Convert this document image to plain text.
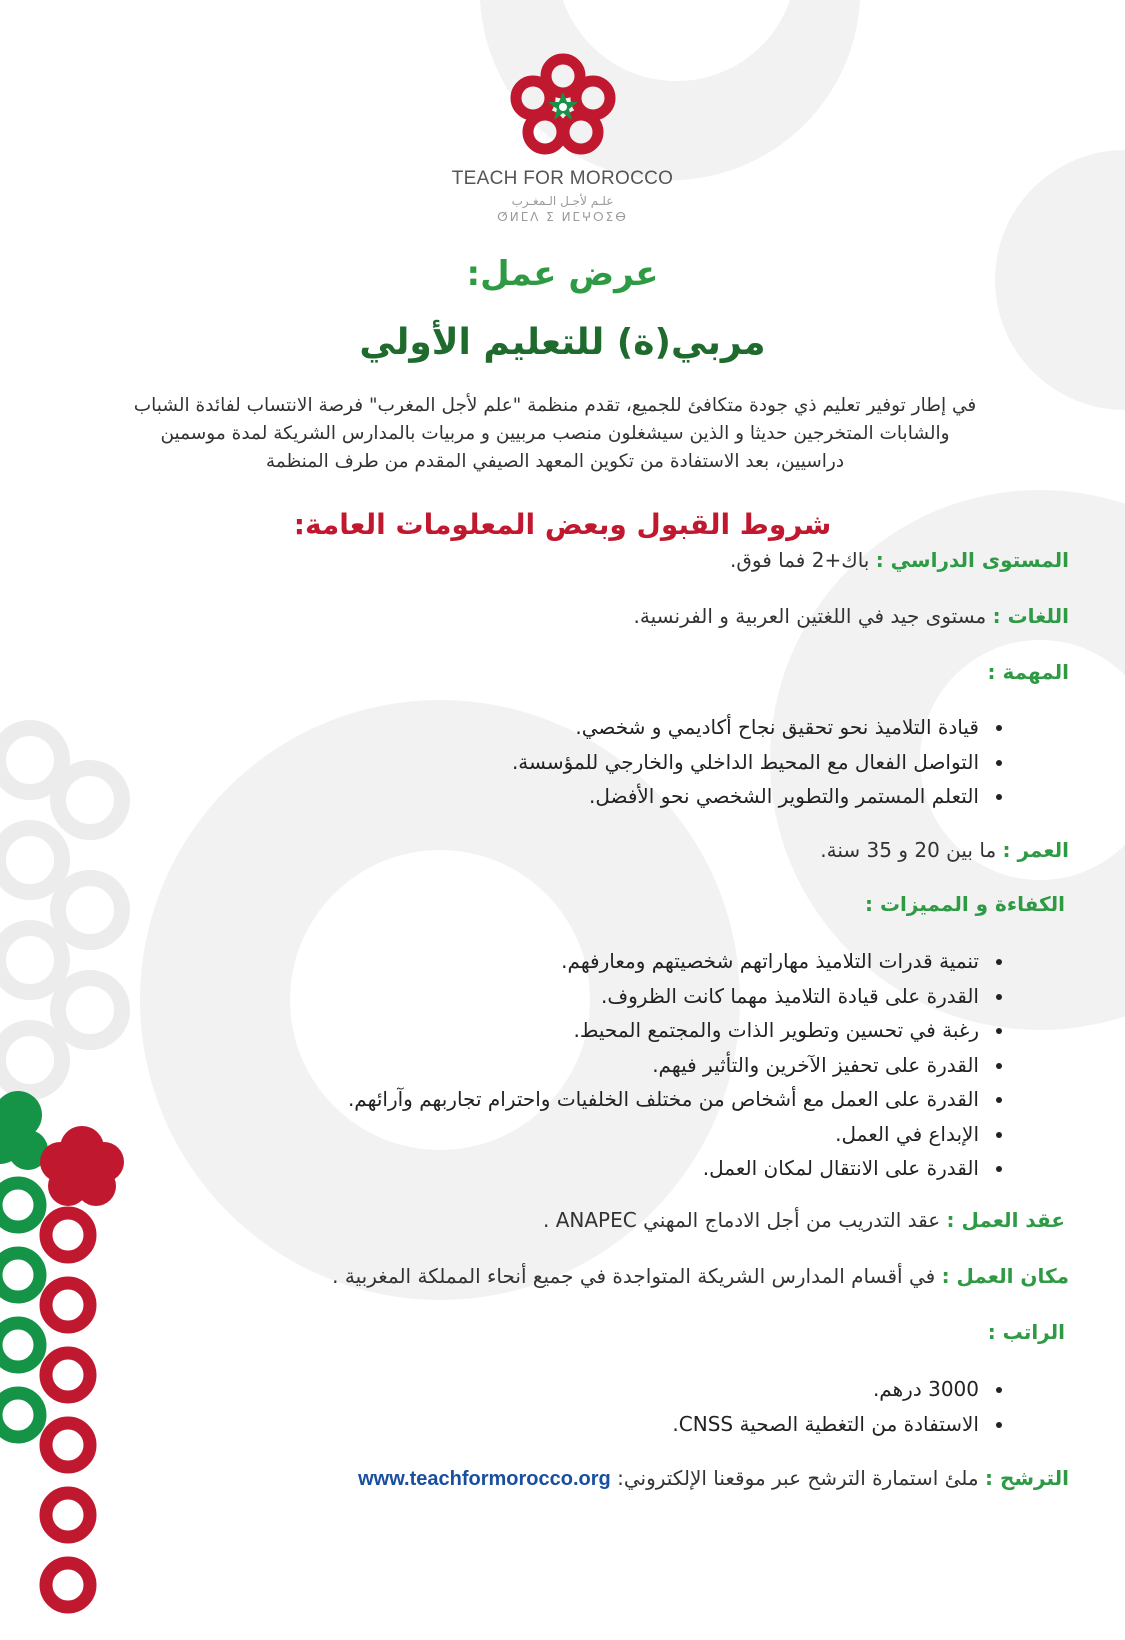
TEACH FOR MOROCCO
علـم لأجـل الـمغـرب
ⵚⵍⵎⴷ ⵉ ⵍⵎⵖⵔⵉⴱ
عرض عمل:
مربي(ة) للتعليم الأولي
في إطار توفير تعليم ذي جودة متكافئ للجميع، تقدم منظمة "علم لأجل المغرب" فرصة الانتساب لفائدة الشباب
والشابات المتخرجين حديثا و الذين سيشغلون منصب مربيين و مربيات بالمدارس الشريكة لمدة موسمين
دراسيين، بعد الاستفادة من تكوين المعهد الصيفي المقدم من طرف المنظمة
شروط القبول وبعض المعلومات العامة:
المستوى الدراسي : باك+2 فما فوق.
اللغات : مستوى جيد في اللغتين العربية و الفرنسية.
المهمة :
• قيادة التلاميذ نحو تحقيق نجاح أكاديمي و شخصي.
• التواصل الفعال مع المحيط الداخلي والخارجي للمؤسسة.
• التعلم المستمر والتطوير الشخصي نحو الأفضل.
العمر : ما بين 20 و 35 سنة.
الكفاءة و المميزات :
• تنمية قدرات التلاميذ مهاراتهم شخصيتهم ومعارفهم.
• القدرة على قيادة التلاميذ مهما كانت الظروف.
• رغبة في تحسين وتطوير الذات والمجتمع المحيط.
• القدرة على تحفيز الآخرين والتأثير فيهم.
• القدرة على العمل مع أشخاص من مختلف الخلفيات واحترام تجاربهم وآرائهم.
• الإبداع في العمل.
• القدرة على الانتقال لمكان العمل.
عقد العمل : عقد التدريب من أجل الادماج المهني ANAPEC .
مكان العمل : في أقسام المدارس الشريكة المتواجدة في جميع أنحاء المملكة المغربية .
الراتب :
• 3000 درهم.
• الاستفادة من التغطية الصحية CNSS.
الترشح : ملئ استمارة الترشح عبر موقعنا الإلكتروني: www.teachformorocco.org
